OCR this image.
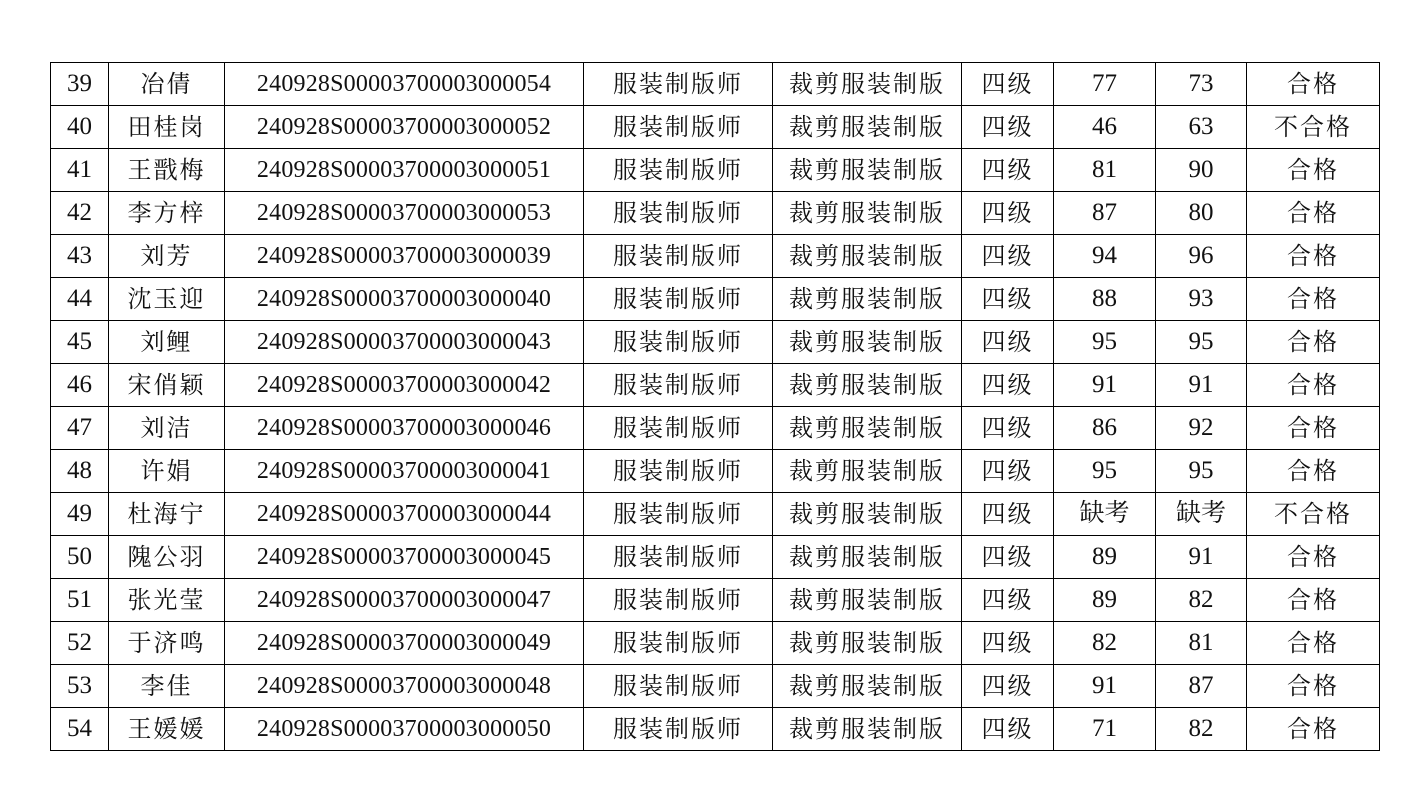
39	冶倩	240928S00003700003000054	服装制版师	裁剪服装制版	四级	77	73	合格
40	田桂岗	240928S00003700003000052	服装制版师	裁剪服装制版	四级	46	63	不合格
41	王戬梅	240928S00003700003000051	服装制版师	裁剪服装制版	四级	81	90	合格
42	李方梓	240928S00003700003000053	服装制版师	裁剪服装制版	四级	87	80	合格
43	刘芳	240928S00003700003000039	服装制版师	裁剪服装制版	四级	94	96	合格
44	沈玉迎	240928S00003700003000040	服装制版师	裁剪服装制版	四级	88	93	合格
45	刘鲤	240928S00003700003000043	服装制版师	裁剪服装制版	四级	95	95	合格
46	宋俏颖	240928S00003700003000042	服装制版师	裁剪服装制版	四级	91	91	合格
47	刘洁	240928S00003700003000046	服装制版师	裁剪服装制版	四级	86	92	合格
48	许娟	240928S00003700003000041	服装制版师	裁剪服装制版	四级	95	95	合格
49	杜海宁	240928S00003700003000044	服装制版师	裁剪服装制版	四级	缺考	缺考	不合格
50	隗公羽	240928S00003700003000045	服装制版师	裁剪服装制版	四级	89	91	合格
51	张光莹	240928S00003700003000047	服装制版师	裁剪服装制版	四级	89	82	合格
52	于济鸣	240928S00003700003000049	服装制版师	裁剪服装制版	四级	82	81	合格
53	李佳	240928S00003700003000048	服装制版师	裁剪服装制版	四级	91	87	合格
54	王媛媛	240928S00003700003000050	服装制版师	裁剪服装制版	四级	71	82	合格
